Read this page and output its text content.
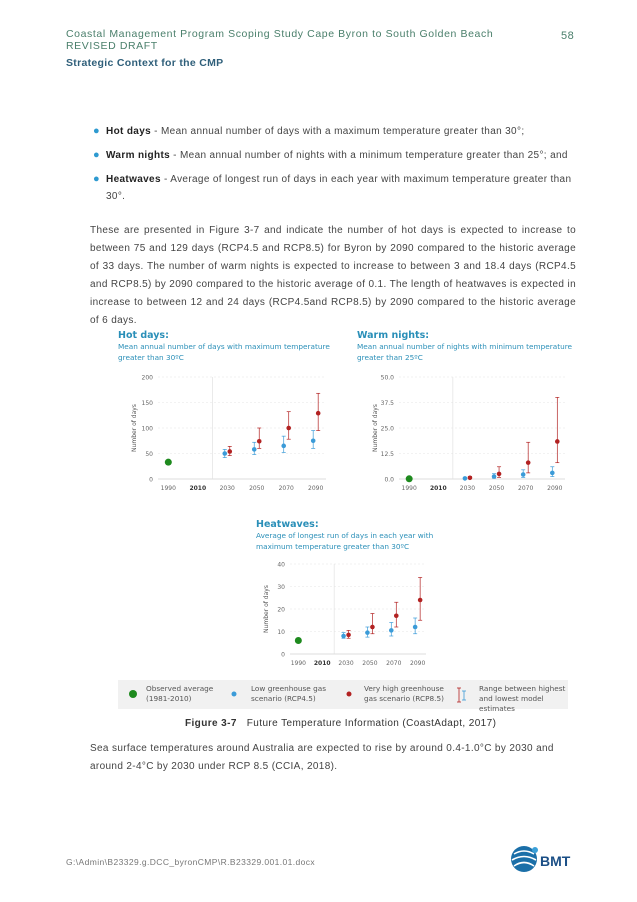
Coastal Management Program Scoping Study Cape Byron to South Golden Beach REVISED DRAFT
58
Strategic Context for the CMP
● Hot days - Mean annual number of days with a maximum temperature greater than 30°;
● Warm nights - Mean annual number of nights with a minimum temperature greater than 25°; and
● Heatwaves - Average of longest run of days in each year with maximum temperature greater than 30°.
These are presented in Figure 3-7 and indicate the number of hot days is expected to increase to between 75 and 129 days (RCP4.5 and RCP8.5) for Byron by 2090 compared to the historic average of 33 days. The number of warm nights is expected to increase to between 3 and 18.4 days (RCP4.5 and RCP8.5) by 2090 compared to the historic average of 0.1. The length of heatwaves is expected in increase to between 12 and 24 days (RCP4.5and RCP8.5) by 2090 compared to the historic average of 6 days.
Hot days:
Mean annual number of days with maximum temperature greater than 30ºC
0
50
100
150
200
1990 2010 2030 2050 2070 2090
Number of days
Warm nights:
Mean annual number of nights with minimum temperature greater than 25ºC
0.0
12.5
25.0
37.5
50.0
1990 2010 2030 2050 2070 2090
Number of days
Heatwaves:
Average of longest run of days in each year with maximum temperature greater than 30ºC
0
10
20
30
40
1990 2010 2030 2050 2070 2090
Number of days
Observed average (1981-2010)
Low greenhouse gas scenario (RCP4.5)
Very high greenhouse gas scenario (RCP8.5)
Range between highest and lowest model estimates
Figure 3-7 Future Temperature Information (CoastAdapt, 2017)
Sea surface temperatures around Australia are expected to rise by around 0.4-1.0°C by 2030 and around 2-4°C by 2030 under RCP 8.5 (CCIA, 2018).
G:\Admin\B23329.g.DCC_byronCMP\R.B23329.001.01.docx	BMT
